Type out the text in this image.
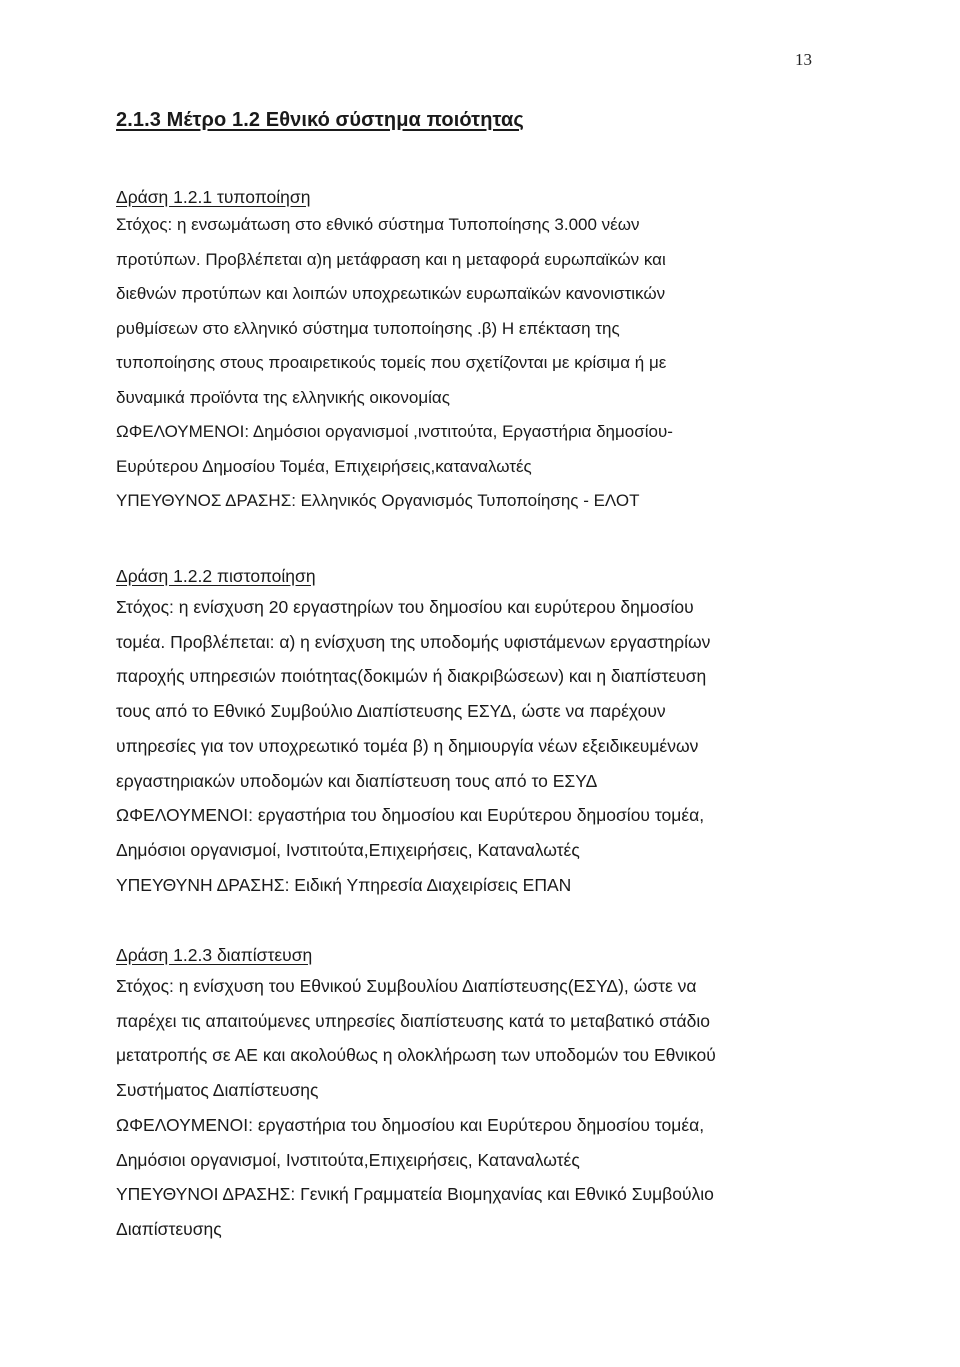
13
2.1.3 Μέτρο 1.2 Εθνικό σύστημα ποιότητας

Δράση 1.2.1 τυποποίηση

Στόχος: η ενσωμάτωση στο εθνικό σύστημα Τυποποίησης 3.000 νέων
προτύπων. Προβλέπεται α)η μετάφραση και η μεταφορά ευρωπαϊκών και
διεθνών προτύπων και λοιπών υποχρεωτικών ευρωπαϊκών κανονιστικών
ρυθμίσεων στο ελληνικό σύστημα τυποποίησης .β) Η επέκταση της
τυποποίησης στους προαιρετικούς τομείς που σχετίζονται με κρίσιμα ή με
δυναμικά προϊόντα της ελληνικής οικονομίας
ΩΦΕΛΟΥΜΕΝΟΙ: Δημόσιοι οργανισμοί ,ινστιτούτα, Εργαστήρια δημοσίου-
Ευρύτερου Δημοσίου Τομέα, Επιχειρήσεις,καταναλωτές
ΥΠΕΥΘΥΝΟΣ ΔΡΑΣΗΣ: Ελληνικός Οργανισμός Τυποποίησης - ΕΛΟΤ

Δράση 1.2.2 πιστοποίηση

Στόχος: η ενίσχυση 20 εργαστηρίων του δημοσίου και ευρύτερου δημοσίου
τομέα. Προβλέπεται: α) η ενίσχυση της υποδομής υφιστάμενων εργαστηρίων
παροχής υπηρεσιών ποιότητας(δοκιμών ή διακριβώσεων) και η διαπίστευση
τους από το Εθνικό Συμβούλιο Διαπίστευσης ΕΣΥΔ, ώστε να παρέχουν
υπηρεσίες για τον υποχρεωτικό τομέα β) η δημιουργία νέων εξειδικευμένων
εργαστηριακών υποδομών και διαπίστευση τους από το ΕΣΥΔ
ΩΦΕΛΟΥΜΕΝΟΙ: εργαστήρια του δημοσίου και Ευρύτερου δημοσίου τομέα,
Δημόσιοι οργανισμοί, Ινστιτούτα,Επιχειρήσεις, Καταναλωτές
ΥΠΕΥΘΥΝΗ ΔΡΑΣΗΣ: Ειδική Υπηρεσία Διαχειρίσεις ΕΠΑΝ

Δράση 1.2.3 διαπίστευση

Στόχος: η ενίσχυση του Εθνικού Συμβουλίου Διαπίστευσης(ΕΣΥΔ), ώστε να
παρέχει τις απαιτούμενες υπηρεσίες διαπίστευσης κατά το μεταβατικό στάδιο
μετατροπής σε ΑΕ και ακολούθως η ολοκλήρωση των υποδομών του Εθνικού
Συστήματος Διαπίστευσης
ΩΦΕΛΟΥΜΕΝΟΙ: εργαστήρια του δημοσίου και Ευρύτερου δημοσίου τομέα,
Δημόσιοι οργανισμοί, Ινστιτούτα,Επιχειρήσεις, Καταναλωτές
ΥΠΕΥΘΥΝΟΙ ΔΡΑΣΗΣ: Γενική Γραμματεία Βιομηχανίας και Εθνικό Συμβούλιο
Διαπίστευσης
